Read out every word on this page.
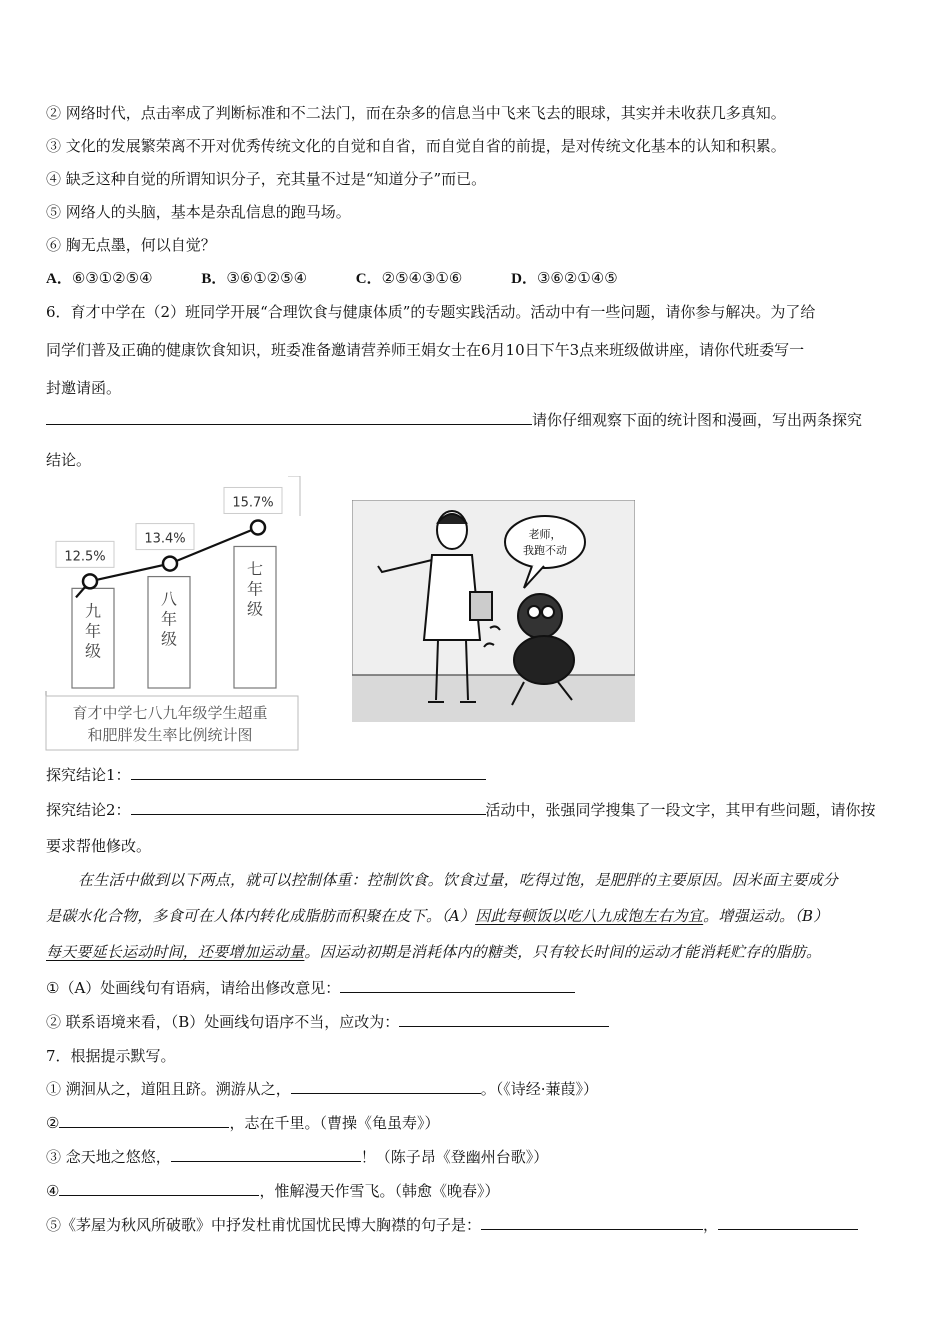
② 网络时代，点击率成了判断标准和不二法门，而在杂多的信息当中飞来飞去的眼球，其实并未收获几多真知。
③ 文化的发展繁荣离不开对优秀传统文化的自觉和自省，而自觉自省的前提，是对传统文化基本的认知和积累。
④ 缺乏这种自觉的所谓知识分子，充其量不过是“知道分子”而已。
⑤ 网络人的头脑，基本是杂乱信息的跑马场。
⑥ 胸无点墨，何以自觉？
A．⑥③①②⑤④	B．③⑥①②⑤④	C．②⑤④③①⑥	D．③⑥②①④⑤
6．育才中学在（2）班同学开展“合理饮食与健康体质”的专题实践活动。活动中有一些问题，请你参与解决。为了给
同学们普及正确的健康饮食知识，班委准备邀请营养师王娟女士在6月10日下午3点来班级做讲座，请你代班委写一
封邀请函。
请你仔细观察下面的统计图和漫画，写出两条探究
结论。
九
年
级
八
年
级
七
年
级
12.5%
13.4%
15.7%
育才中学七八九年级学生超重
和肥胖发生率比例统计图
老师，
我跑不动
探究结论1：
探究结论2：	活动中，张强同学搜集了一段文字，其甲有些问题，请你按
要求帮他修改。
在生活中做到以下两点，就可以控制体重：控制饮食。饮食过量，吃得过饱，是肥胖的主要原因。因米面主要成分
是碳水化合物，多食可在人体内转化成脂肪而积聚在皮下。（A）因此每顿饭以吃八九成饱左右为宜。增强运动。（B）
每天要延长运动时间，还要增加运动量。因运动初期是消耗体内的糖类，只有较长时间的运动才能消耗贮存的脂肪。
①（A）处画线句有语病，请给出修改意见：
② 联系语境来看，（B）处画线句语序不当，应改为：
7．根据提示默写。
① 溯洄从之，道阻且跻。溯游从之，	。（《诗经·蒹葭》）
②	，志在千里。（曹操《龟虽寿》）
③ 念天地之悠悠，	！（陈子昂《登幽州台歌》）
④	，惟解漫天作雪飞。（韩愈《晚春》）
⑤《茅屋为秋风所破歌》中抒发杜甫忧国忧民博大胸襟的句子是：	，
